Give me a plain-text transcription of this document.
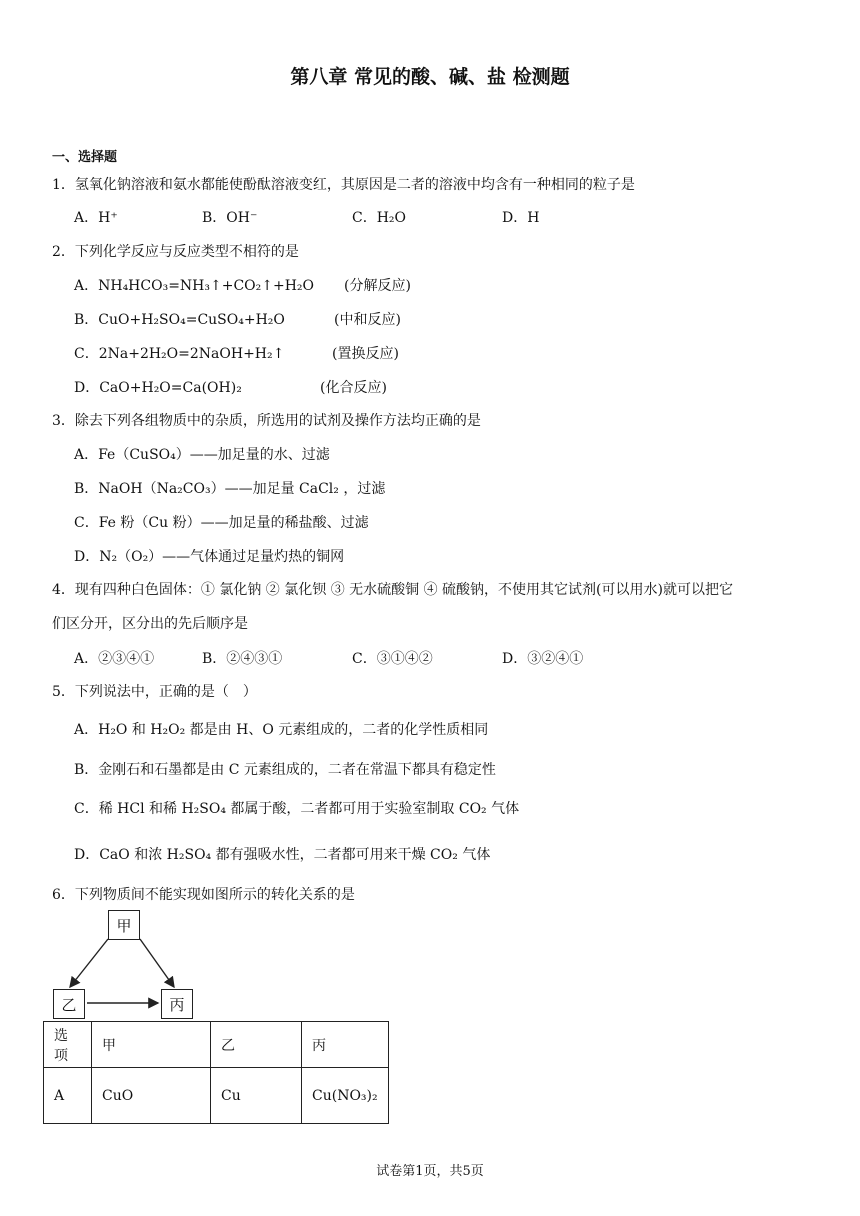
第八章 常见的酸、碱、盐 检测题
一、选择题
1．氢氧化钠溶液和氨水都能使酚酞溶液变红，其原因是二者的溶液中均含有一种相同的粒子是
A．H⁺	B．OH⁻	C．H₂O	D．H
2．下列化学反应与反应类型不相符的是
A．NH₄HCO₃=NH₃↑+CO₂↑+H₂O (分解反应)
B．CuO+H₂SO₄=CuSO₄+H₂O	(中和反应)
C．2Na+2H₂O=2NaOH+H₂↑	(置换反应)
D．CaO+H₂O=Ca(OH)₂	(化合反应)
3．除去下列各组物质中的杂质，所选用的试剂及操作方法均正确的是
A．Fe（CuSO₄）——加足量的水、过滤
B．NaOH（Na₂CO₃）——加足量 CaCl₂ ，过滤
C．Fe 粉（Cu 粉）——加足量的稀盐酸、过滤
D．N₂（O₂）——气体通过足量灼热的铜网
4．现有四种白色固体：① 氯化钠 ② 氯化钡 ③ 无水硫酸铜 ④ 硫酸钠，不使用其它试剂(可以用水)就可以把它
们区分开，区分出的先后顺序是
A．②③④①	B．②④③①	C．③①④②	D．③②④①
5．下列说法中，正确的是（　）
A．H₂O 和 H₂O₂ 都是由 H、O 元素组成的，二者的化学性质相同
B．金刚石和石墨都是由 C 元素组成的，二者在常温下都具有稳定性
C．稀 HCl 和稀 H₂SO₄ 都属于酸，二者都可用于实验室制取 CO₂ 气体
D．CaO 和浓 H₂SO₄ 都有强吸水性，二者都可用来干燥 CO₂ 气体
6．下列物质间不能实现如图所示的转化关系的是
甲
乙	丙
选项	甲	乙	丙
A	CuO	Cu	Cu(NO₃)₂
试卷第1页，共5页
